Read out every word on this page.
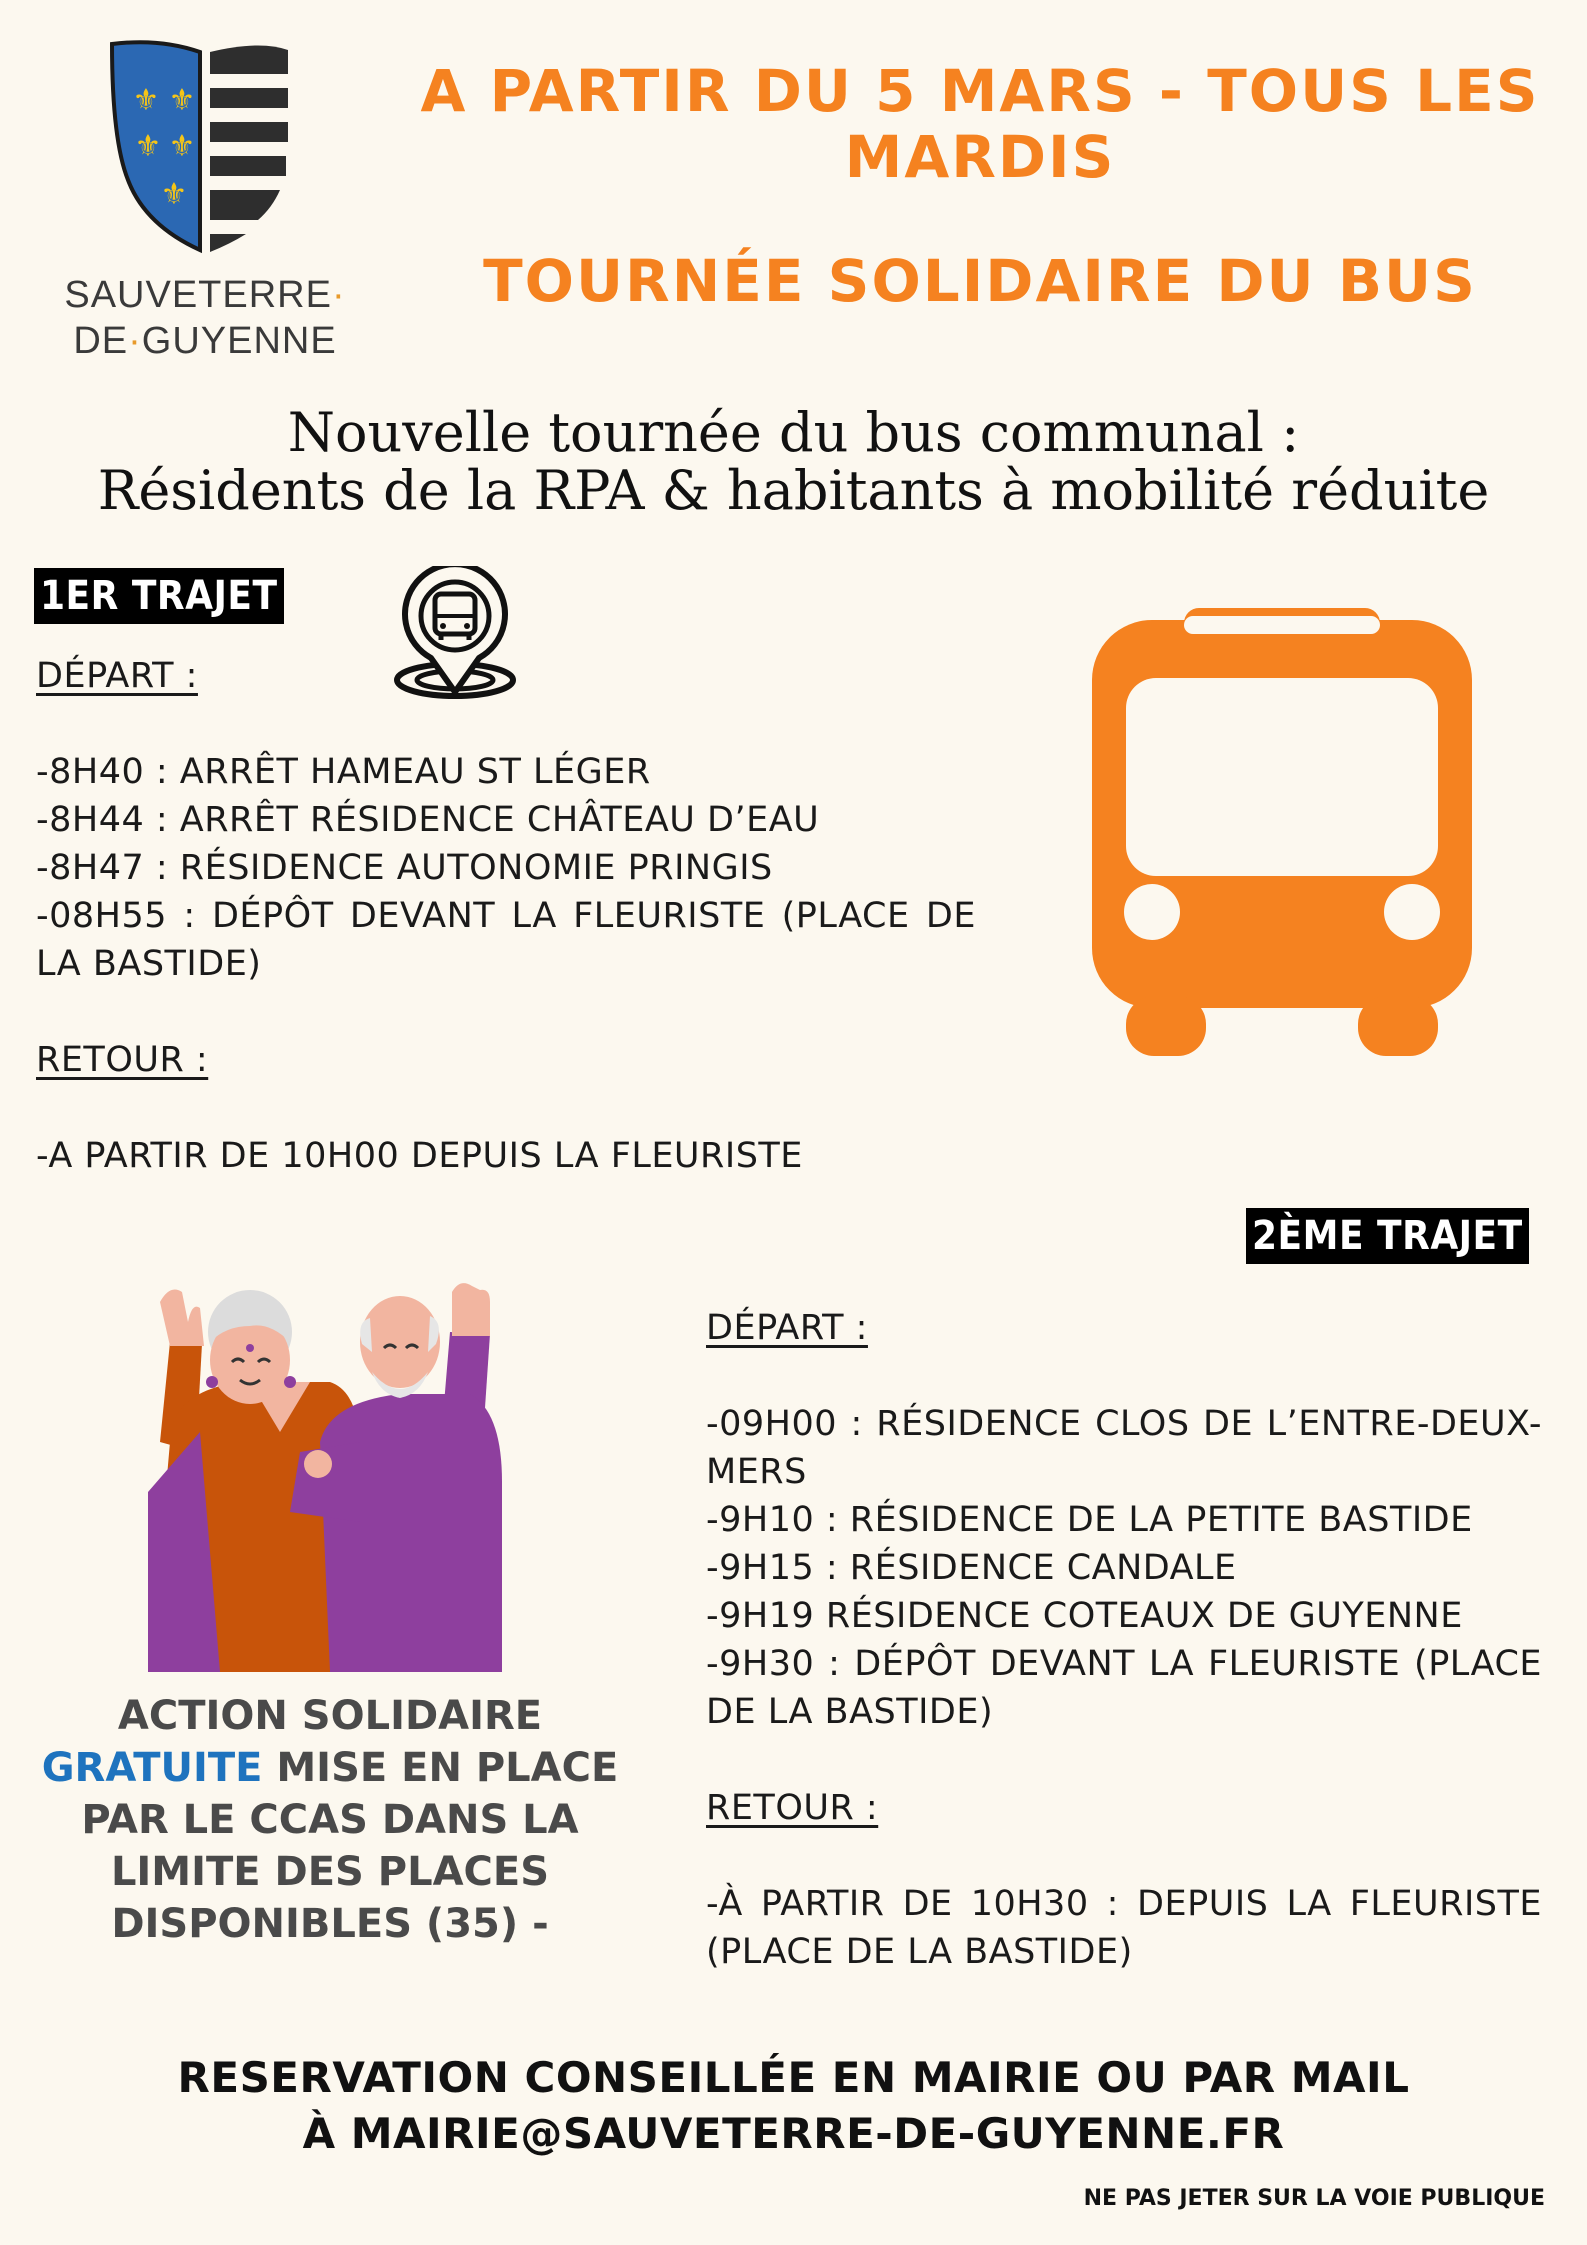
⚜ ⚜
⚜ ⚜
⚜
SAUVETERRE·
DE·GUYENNE
A PARTIR DU 5 MARS - TOUS LES
MARDIS
TOURNÉE SOLIDAIRE DU BUS
Nouvelle tournée du bus communal :
Résidents de la RPA & habitants à mobilité réduite
1ER TRAJET
DÉPART :

-8H40 : ARRÊT HAMEAU ST LÉGER
-8H44 : ARRÊT RÉSIDENCE CHÂTEAU D’EAU
-8H47 : RÉSIDENCE AUTONOMIE PRINGIS
-08H55 : DÉPÔT DEVANT LA FLEURISTE (PLACE DE LA BASTIDE)

RETOUR :

-A PARTIR DE 10H00 DEPUIS LA FLEURISTE
2ÈME TRAJET
DÉPART :

-09H00 : RÉSIDENCE CLOS DE L’ENTRE-DEUX-MERS
-9H10 : RÉSIDENCE DE LA PETITE BASTIDE
-9H15 : RÉSIDENCE CANDALE
-9H19 RÉSIDENCE COTEAUX DE GUYENNE
-9H30 : DÉPÔT DEVANT LA FLEURISTE (PLACE DE LA BASTIDE)

RETOUR :

-À PARTIR DE 10H30 : DEPUIS LA FLEURISTE (PLACE DE LA BASTIDE)
ACTION SOLIDAIRE
GRATUITE MISE EN PLACE
PAR LE CCAS DANS LA
LIMITE DES PLACES
DISPONIBLES (35) -
RESERVATION CONSEILLÉE EN MAIRIE OU PAR MAIL
À MAIRIE@SAUVETERRE-DE-GUYENNE.FR
NE PAS JETER SUR LA VOIE PUBLIQUE
